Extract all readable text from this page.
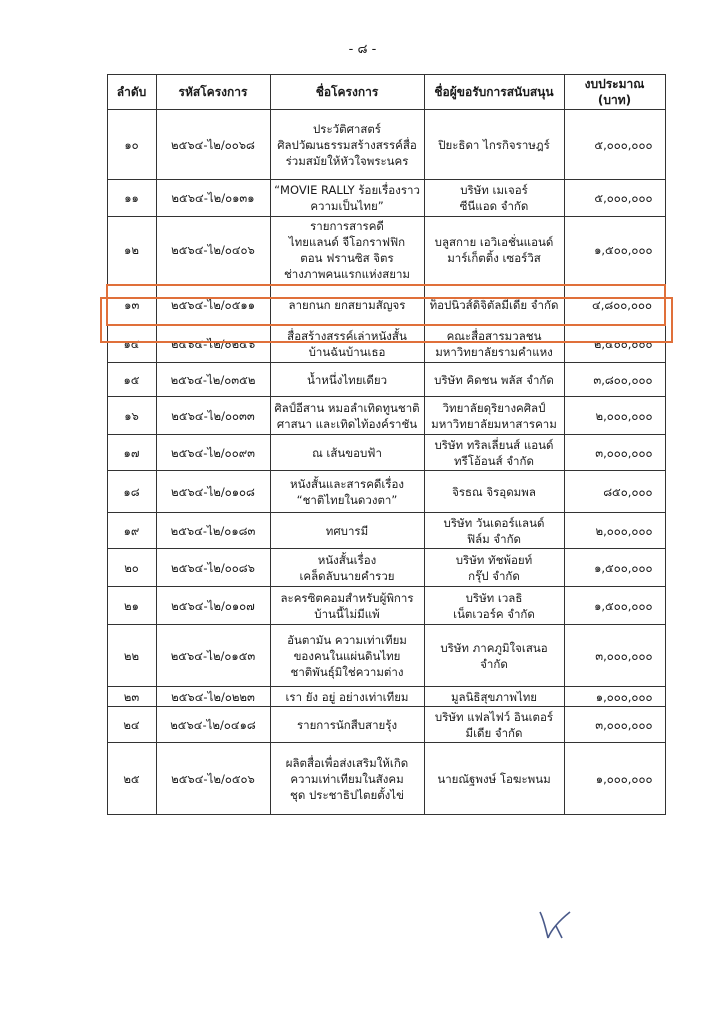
- ๘ -
ลำดับ	รหัสโครงการ	ชื่อโครงการ	ชื่อผู้ขอรับการสนับสนุน	งบประมาณ
(บาท)
๑๐	๒๕๖๔-ไ๒/๐๐๖๘	ประวัติศาสตร์
ศิลปวัฒนธรรมสร้างสรรค์สื่อ
ร่วมสมัยให้หัวใจพระนคร	ปิยะธิดา ไกรกิจราษฎร์	๕,๐๐๐,๐๐๐
๑๑	๒๕๖๔-ไ๒/๐๑๓๑	“MOVIE RALLY ร้อยเรื่องราว
ความเป็นไทย”	บริษัท เมเจอร์
ซีนีแอด จำกัด	๕,๐๐๐,๐๐๐
๑๒	๒๕๖๔-ไ๒/๐๔๐๖	รายการสารคดี
ไทยแลนด์ จีโอกราฟฟิก
ตอน ฟรานซิส จิตร
ช่างภาพคนแรกแห่งสยาม	บลูสกาย เอวิเอชั่นแอนด์
มาร์เก็ตติ้ง เซอร์วิส	๑,๕๐๐,๐๐๐
๑๓	๒๕๖๔-ไ๒/๐๕๑๑	ลายกนก ยกสยามสัญจร	ท็อปนิวส์ดิจิตัลมีเดีย จำกัด	๔,๘๐๐,๐๐๐
๑๔	๒๕๖๔-ไ๒/๐๒๕๖	สื่อสร้างสรรค์เล่าหนังสั้น
บ้านฉันบ้านเธอ	คณะสื่อสารมวลชน
มหาวิทยาลัยรามคำแหง	๒,๕๐๐,๐๐๐
๑๕	๒๕๖๔-ไ๒/๐๓๕๒	น้ำหนึ่งไทยเดียว	บริษัท คิดชน พลัส จำกัด	๓,๘๐๐,๐๐๐
๑๖	๒๕๖๔-ไ๒/๐๐๓๓	ศิลป์อีสาน หมอลำเทิดทูนชาติ
ศาสนา และเทิดไท้องค์ราชัน	วิทยาลัยดุริยางคศิลป์
มหาวิทยาลัยมหาสารคาม	๒,๐๐๐,๐๐๐
๑๗	๒๕๖๔-ไ๒/๐๐๙๓	ณ เส้นขอบฟ้า	บริษัท ทริลเลี่ยนส์ แอนด์
ทรีโอ้อนส์ จำกัด	๓,๐๐๐,๐๐๐
๑๘	๒๕๖๔-ไ๒/๐๑๐๘	หนังสั้นและสารคดีเรื่อง
“ชาติไทยในดวงตา”	จิรธณ จิรอุดมพล	๘๕๐,๐๐๐
๑๙	๒๕๖๔-ไ๒/๐๑๘๓	ทศบารมี	บริษัท วันเดอร์แลนด์
ฟิล์ม จำกัด	๒,๐๐๐,๐๐๐
๒๐	๒๕๖๔-ไ๒/๐๐๘๖	หนังสั้นเรื่อง
เคล็ดลับนายคำรวย	บริษัท ทัชพ้อยท์
กรุ๊ป จำกัด	๑,๕๐๐,๐๐๐
๒๑	๒๕๖๔-ไ๒/๐๑๐๗	ละครซิตคอมสำหรับผู้พิการ
บ้านนี้ไม่มีแพ้	บริษัท เวลธิ
เน็ตเวอร์ค จำกัด	๑,๕๐๐,๐๐๐
๒๒	๒๕๖๔-ไ๒/๐๑๕๓	อันตามัน ความเท่าเทียม
ของคนในแผ่นดินไทย
ชาติพันธุ์มิใช่ความต่าง	บริษัท ภาคภูมิใจเสนอ
จำกัด	๓,๐๐๐,๐๐๐
๒๓	๒๕๖๔-ไ๒/๐๒๒๓	เรา ยัง อยู่ อย่างเท่าเทียม	มูลนิธิสุขภาพไทย	๑,๐๐๐,๐๐๐
๒๔	๒๕๖๔-ไ๒/๐๔๑๘	รายการนักสืบสายรุ้ง	บริษัท แฟลไฟว์ อินเตอร์
มีเดีย จำกัด	๓,๐๐๐,๐๐๐
๒๕	๒๕๖๔-ไ๒/๐๕๐๖	ผลิตสื่อเพื่อส่งเสริมให้เกิด
ความเท่าเทียมในสังคม
ชุด ประชาธิปไตยตั้งไข่	นายณัฐพงษ์ โอฆะพนม	๑,๐๐๐,๐๐๐
